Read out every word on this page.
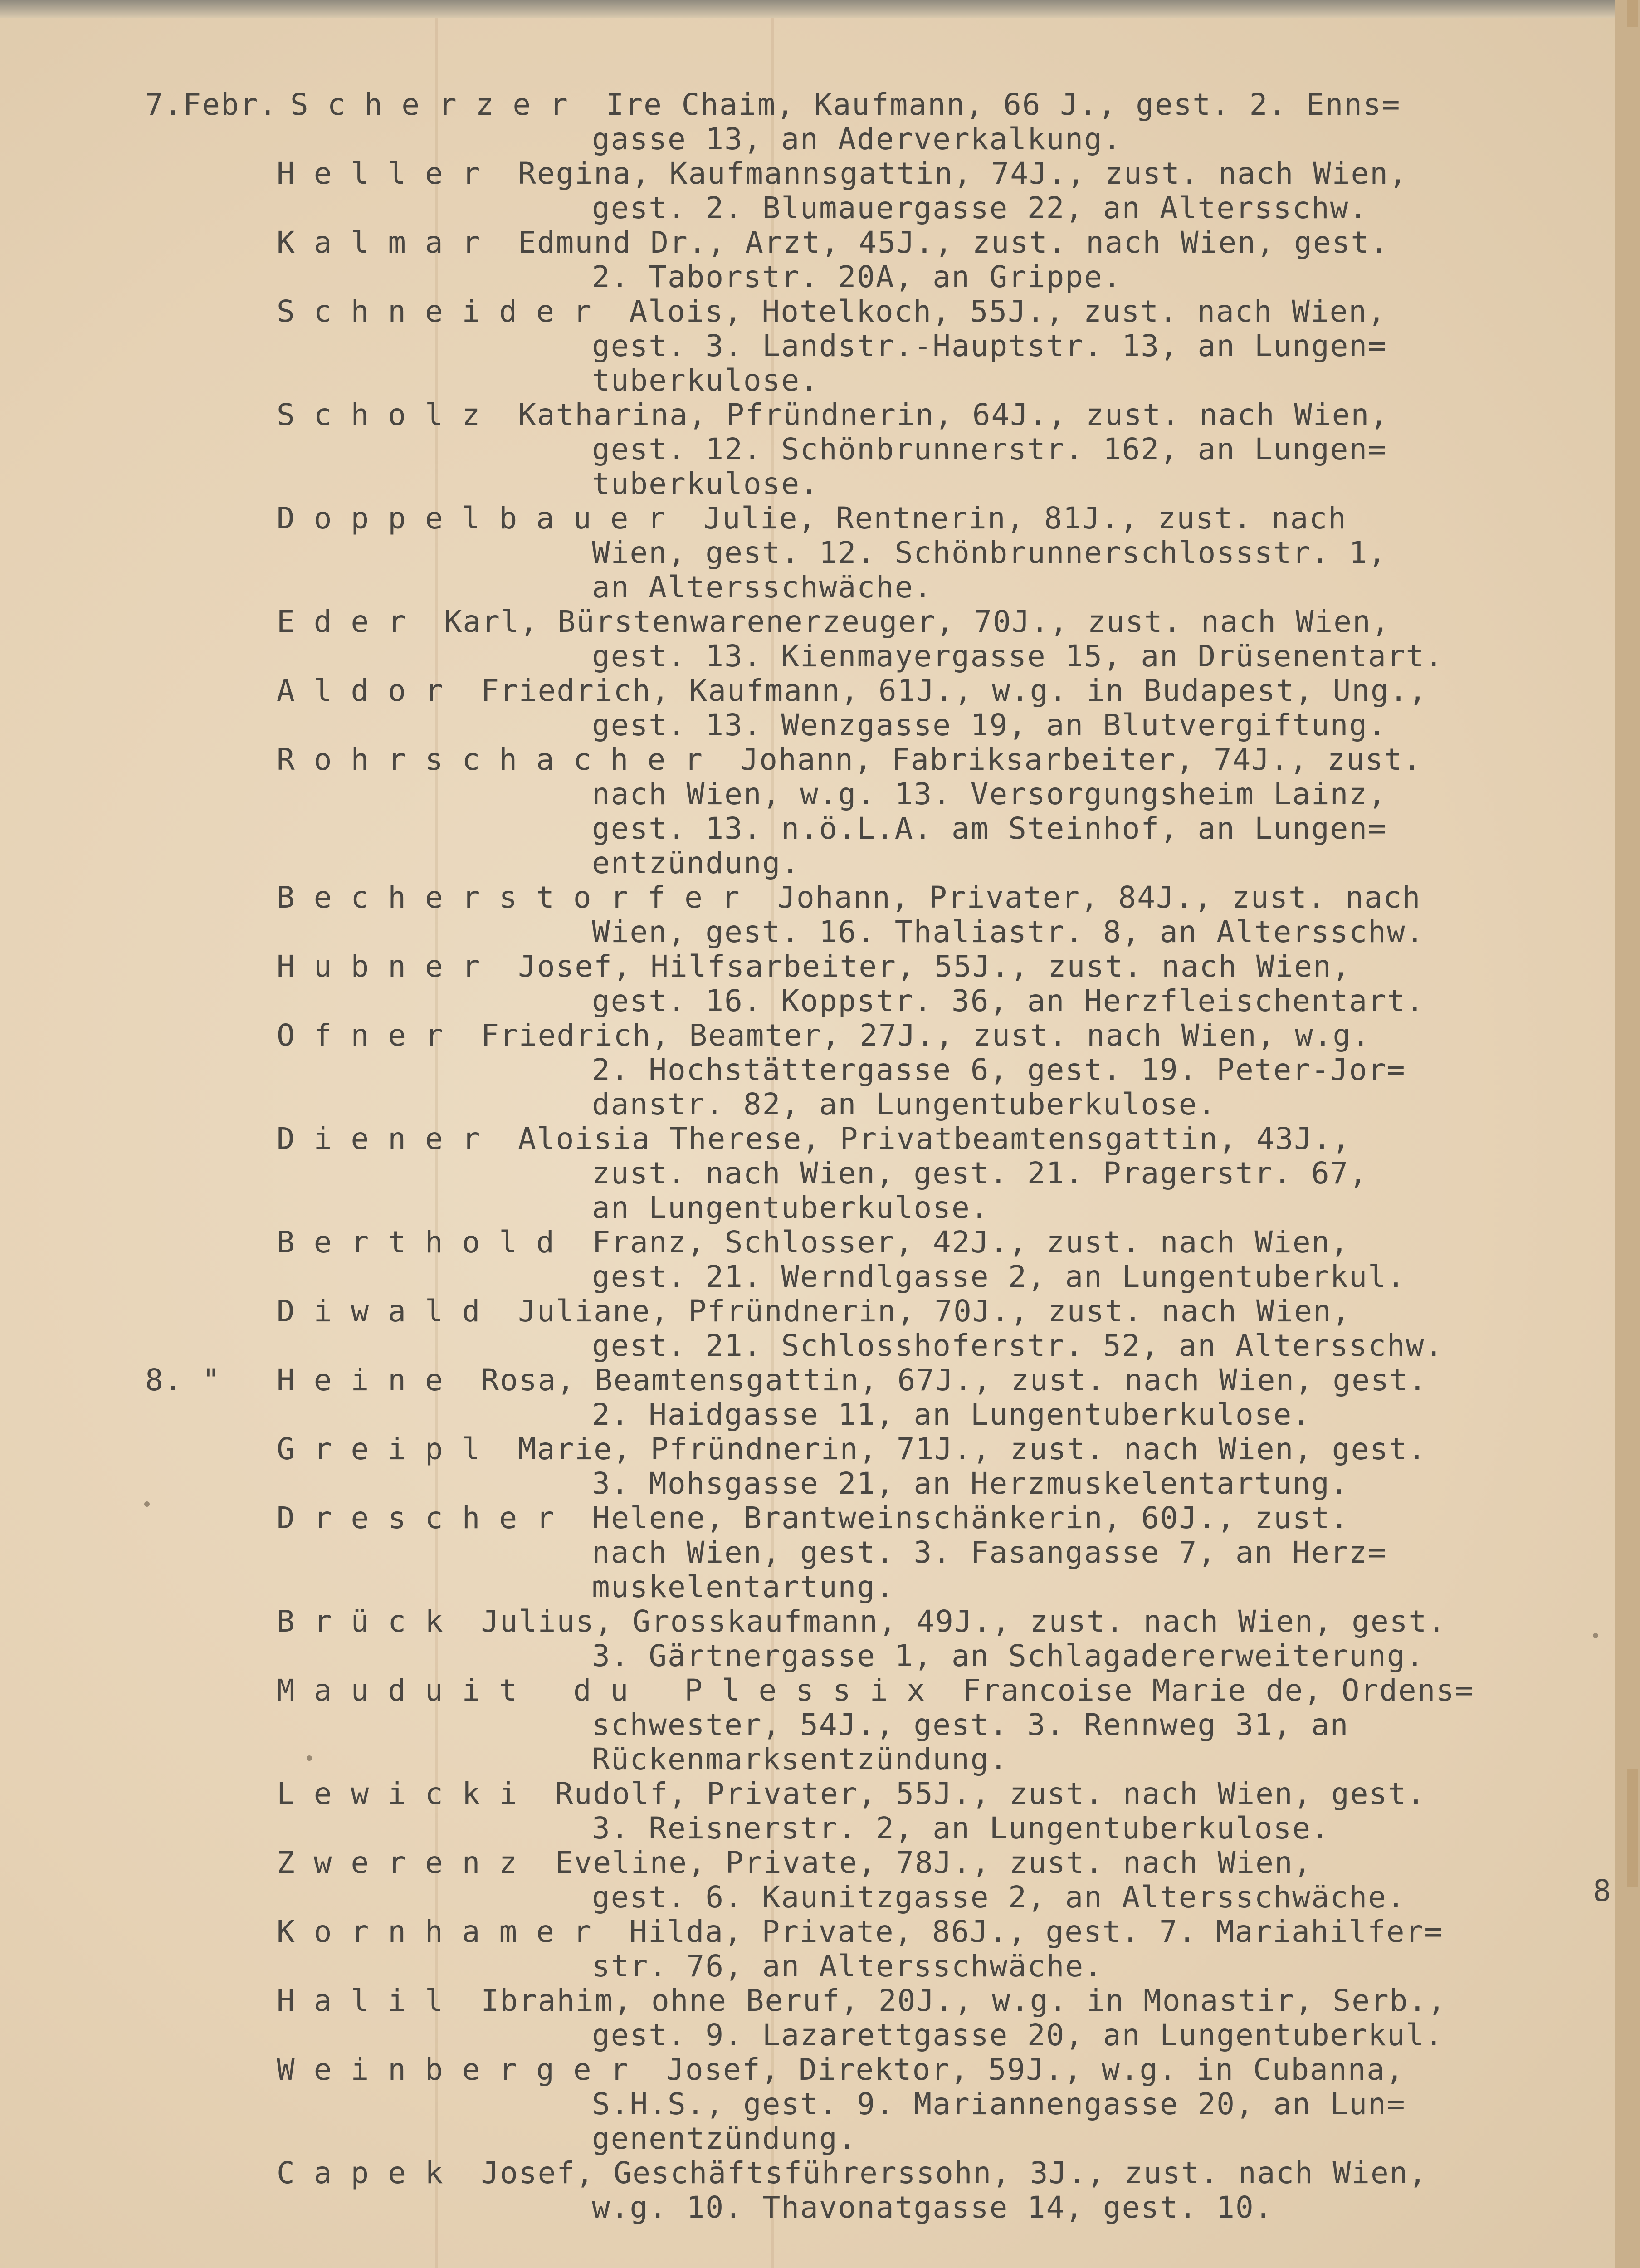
7.Febr. Scherzer Ire Chaim, Kaufmann, 66 J., gest. 2. Enns=
gasse 13, an Aderverkalkung.
Heller Regina, Kaufmannsgattin, 74J., zust. nach Wien,
gest. 2. Blumauergasse 22, an Altersschw.
Kalmar Edmund Dr., Arzt, 45J., zust. nach Wien, gest.
2. Taborstr. 20A, an Grippe.
Schneider Alois, Hotelkoch, 55J., zust. nach Wien,
gest. 3. Landstr.-Hauptstr. 13, an Lungen=
tuberkulose.
Scholz Katharina, Pfründnerin, 64J., zust. nach Wien,
gest. 12. Schönbrunnerstr. 162, an Lungen=
tuberkulose.
Doppelbauer Julie, Rentnerin, 81J., zust. nach
Wien, gest. 12. Schönbrunnerschlossstr. 1,
an Altersschwäche.
Eder Karl, Bürstenwarenerzeuger, 70J., zust. nach Wien,
gest. 13. Kienmayergasse 15, an Drüsenentart.
Aldor Friedrich, Kaufmann, 61J., w.g. in Budapest, Ung.,
gest. 13. Wenzgasse 19, an Blutvergiftung.
Rohrschacher Johann, Fabriksarbeiter, 74J., zust.
nach Wien, w.g. 13. Versorgungsheim Lainz,
gest. 13. n.ö.L.A. am Steinhof, an Lungen=
entzündung.
Becherstorfer Johann, Privater, 84J., zust. nach
Wien, gest. 16. Thaliastr. 8, an Altersschw.
Hubner Josef, Hilfsarbeiter, 55J., zust. nach Wien,
gest. 16. Koppstr. 36, an Herzfleischentart.
Ofner Friedrich, Beamter, 27J., zust. nach Wien, w.g.
2. Hochstättergasse 6, gest. 19. Peter-Jor=
danstr. 82, an Lungentuberkulose.
Diener Aloisia Therese, Privatbeamtensgattin, 43J.,
zust. nach Wien, gest. 21. Pragerstr. 67,
an Lungentuberkulose.
Berthold Franz, Schlosser, 42J., zust. nach Wien,
gest. 21. Werndlgasse 2, an Lungentuberkul.
Diwald Juliane, Pfründnerin, 70J., zust. nach Wien,
gest. 21. Schlosshoferstr. 52, an Altersschw.
8. " Heine Rosa, Beamtensgattin, 67J., zust. nach Wien, gest.
2. Haidgasse 11, an Lungentuberkulose.
Greipl Marie, Pfründnerin, 71J., zust. nach Wien, gest.
3. Mohsgasse 21, an Herzmuskelentartung.
Drescher Helene, Brantweinschänkerin, 60J., zust.
nach Wien, gest. 3. Fasangasse 7, an Herz=
muskelentartung.
Brück Julius, Grosskaufmann, 49J., zust. nach Wien, gest.
3. Gärtnergasse 1, an Schlagadererweiterung.
Mauduit du Plessix Francoise Marie de, Ordens=
schwester, 54J., gest. 3. Rennweg 31, an
Rückenmarksentzündung.
Lewicki Rudolf, Privater, 55J., zust. nach Wien, gest.
3. Reisnerstr. 2, an Lungentuberkulose.
Zwerenz Eveline, Private, 78J., zust. nach Wien,
gest. 6. Kaunitzgasse 2, an Altersschwäche.
Kornhamer Hilda, Private, 86J., gest. 7. Mariahilfer=
str. 76, an Altersschwäche.
Halil Ibrahim, ohne Beruf, 20J., w.g. in Monastir, Serb.,
gest. 9. Lazarettgasse 20, an Lungentuberkul.
Weinberger Josef, Direktor, 59J., w.g. in Cubanna,
S.H.S., gest. 9. Mariannengasse 20, an Lun=
genentzündung.
Capek Josef, Geschäftsführerssohn, 3J., zust. nach Wien,
w.g. 10. Thavonatgasse 14, gest. 10.
8
